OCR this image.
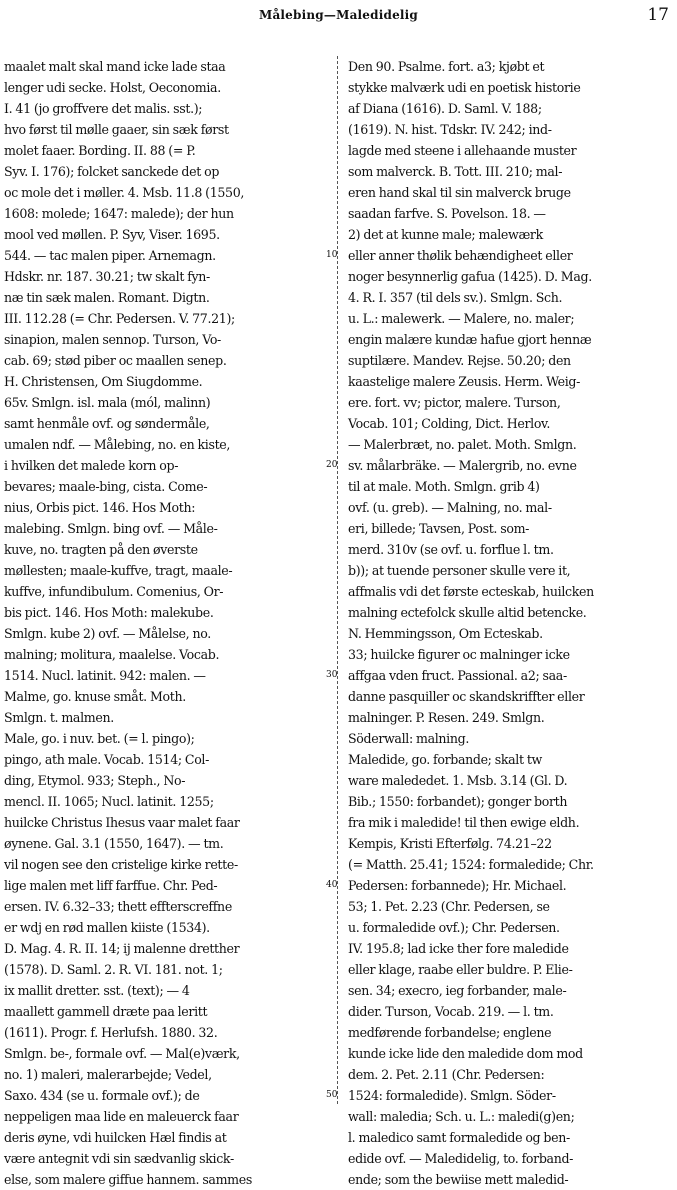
Målebing—Maledidelig	17
maalet malt skal mand icke lade staa
lenger udi secke. Holst, Oeconomia.
I. 41 (jo groffvere det malis. sst.);
hvo først til mølle gaaer, sin sæk først
molet faaer. Bording. II. 88 (= P.
Syv. I. 176); folcket sanckede det op
oc mole det i møller. 4. Msb. 11.8 (1550,
1608: molede; 1647: malede); der hun
mool ved møllen. P. Syv, Viser. 1695.
544. — tac malen piper. Arnemagn.
Hdskr. nr. 187. 30.21; tw skalt fyn-
næ tin sæk malen. Romant. Digtn.
III. 112.28 (= Chr. Pedersen. V. 77.21);
sinapion, malen sennop. Turson, Vo-
cab. 69; stød piber oc maallen senep.
H. Christensen, Om Siugdomme.
65v. Smlgn. isl. mala (mól, malinn)
samt henmåle ovf. og søndermåle,
umalen ndf. — Målebing, no. en kiste,
i hvilken det malede korn op-
bevares; maale-bing, cista. Come-
nius, Orbis pict. 146. Hos Moth:
malebing. Smlgn. bing ovf. — Måle-
kuve, no. tragten på den øverste
møllesten; maale-kuffve, tragt, maale-
kuffve, infundibulum. Comenius, Or-
bis pict. 146. Hos Moth: malekube.
Smlgn. kube 2) ovf. — Målelse, no.
malning; molitura, maalelse. Vocab.
1514. Nucl. latinit. 942: malen. —
Malme, go. knuse småt. Moth.
Smlgn. t. malmen.
Male, go. i nuv. bet. (= l. pingo);
pingo, ath male. Vocab. 1514; Col-
ding, Etymol. 933; Steph., No-
mencl. II. 1065; Nucl. latinit. 1255;
huilcke Christus Ihesus vaar malet faar
øynene. Gal. 3.1 (1550, 1647). — tm.
vil nogen see den cristelige kirke rette-
lige malen met liff farffue. Chr. Ped-
ersen. IV. 6.32–33; thett effterscreffne
er wdj en rød mallen kiiste (1534).
D. Mag. 4. R. II. 14; ij malenne dretther
(1578). D. Saml. 2. R. VI. 181. not. 1;
ix mallit dretter. sst. (text); — 4
maallett gammell dræte paa leritt
(1611). Progr. f. Herlufsh. 1880. 32.
Smlgn. be-, formale ovf. — Mal(e)værk,
no. 1) maleri, malerarbejde; Vedel,
Saxo. 434 (se u. formale ovf.); de
neppeligen maa lide en maleuerck faar
deris øyne, vdi huilcken Hæl findis at
være antegnit vdi sin sædvanlig skick-
else, som malere giffue hannem. sammes
10
20
30
40
50
Den 90. Psalme. fort. a3; kjøbt et
stykke malværk udi en poetisk historie
af Diana (1616). D. Saml. V. 188;
(1619). N. hist. Tdskr. IV. 242; ind-
lagde med steene i allehaande muster
som malverck. B. Tott. III. 210; mal-
eren hand skal til sin malverck bruge
saadan farfve. S. Povelson. 18. —
2) det at kunne male; malewærk
eller anner thølik behændigheet eller
noger besynnerlig gafua (1425). D. Mag.
4. R. I. 357 (til dels sv.). Smlgn. Sch.
u. L.: malewerk. — Malere, no. maler;
engin malære kundæ hafue gjort hennæ
suptilære. Mandev. Rejse. 50.20; den
kaastelige malere Zeusis. Herm. Weig-
ere. fort. vv; pictor, malere. Turson,
Vocab. 101; Colding, Dict. Herlov.
— Malerbræt, no. palet. Moth. Smlgn.
sv. målarbräke. — Malergrib, no. evne
til at male. Moth. Smlgn. grib 4)
ovf. (u. greb). — Malning, no. mal-
eri, billede; Tavsen, Post. som-
merd. 310v (se ovf. u. forflue l. tm.
b)); at tuende personer skulle vere it,
affmalis vdi det første ecteskab, huilcken
malning ectefolck skulle altid betencke.
N. Hemmingsson, Om Ecteskab.
33; huilcke figurer oc malninger icke
affgaa vden fruct. Passional. a2; saa-
danne pasquiller oc skandskriffter eller
malninger. P. Resen. 249. Smlgn.
Söderwall: malning.
Maledide, go. forbande; skalt tw
ware malededet. 1. Msb. 3.14 (Gl. D.
Bib.; 1550: forbandet); gonger borth
fra mik i maledide! til then ewige eldh.
Kempis, Kristi Efterfølg. 74.21–22
(= Matth. 25.41; 1524: formaledide; Chr.
Pedersen: forbannede); Hr. Michael.
53; 1. Pet. 2.23 (Chr. Pedersen, se
u. formaledide ovf.); Chr. Pedersen.
IV. 195.8; lad icke ther fore maledide
eller klage, raabe eller buldre. P. Elie-
sen. 34; execro, ieg forbander, male-
dider. Turson, Vocab. 219. — l. tm.
medførende forbandelse; englene
kunde icke lide den maledide dom mod
dem. 2. Pet. 2.11 (Chr. Pedersen:
1524: formaledide). Smlgn. Söder-
wall: maledia; Sch. u. L.: maledi(g)en;
l. maledico samt formaledide og ben-
edide ovf. — Maledidelig, to. forband-
ende; som the bewiise mett maledid-
